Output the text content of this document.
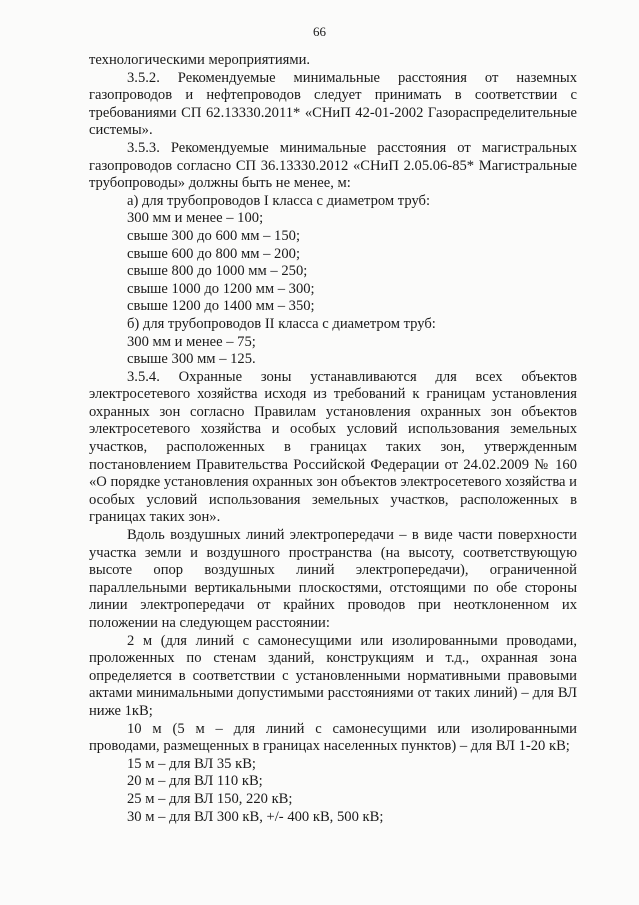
66

технологическими мероприятиями.

3.5.2. Рекомендуемые минимальные расстояния от наземных газопроводов и нефтепроводов следует принимать в соответствии с требованиями СП 62.13330.2011* «СНиП 42-01-2002 Газораспределительные системы».

3.5.3. Рекомендуемые минимальные расстояния от магистральных газопроводов согласно СП 36.13330.2012 «СНиП 2.05.06-85* Магистральные трубопроводы» должны быть не менее, м:

а) для трубопроводов I класса с диаметром труб:

300 мм и менее – 100;

свыше 300 до 600 мм – 150;

свыше 600 до 800 мм – 200;

свыше 800 до 1000 мм – 250;

свыше 1000 до 1200 мм – 300;

свыше 1200 до 1400 мм – 350;

б) для трубопроводов II класса с диаметром труб:

300 мм и менее – 75;

свыше 300 мм – 125.

3.5.4. Охранные зоны устанавливаются для всех объектов электросетевого хозяйства исходя из требований к границам установления охранных зон согласно Правилам установления охранных зон объектов электросетевого хозяйства и особых условий использования земельных участков, расположенных в границах таких зон, утвержденным постановлением Правительства Российской Федерации от 24.02.2009 № 160 «О порядке установления охранных зон объектов электросетевого хозяйства и особых условий использования земельных участков, расположенных в границах таких зон».

Вдоль воздушных линий электропередачи – в виде части поверхности участка земли и воздушного пространства (на высоту, соответствующую высоте опор воздушных линий электропередачи), ограниченной параллельными вертикальными плоскостями, отстоящими по обе стороны линии электропередачи от крайних проводов при неотклоненном их положении на следующем расстоянии:

2 м (для линий с самонесущими или изолированными проводами, проложенных по стенам зданий, конструкциям и т.д., охранная зона определяется в соответствии с установленными нормативными правовыми актами минимальными допустимыми расстояниями от таких линий) – для ВЛ ниже 1кВ;

10 м (5 м – для линий с самонесущими или изолированными проводами, размещенных в границах населенных пунктов) – для ВЛ 1-20 кВ;

15 м – для ВЛ 35 кВ;

20 м – для ВЛ 110 кВ;

25 м – для ВЛ 150, 220 кВ;

30 м – для ВЛ 300 кВ, +/- 400 кВ, 500 кВ;
